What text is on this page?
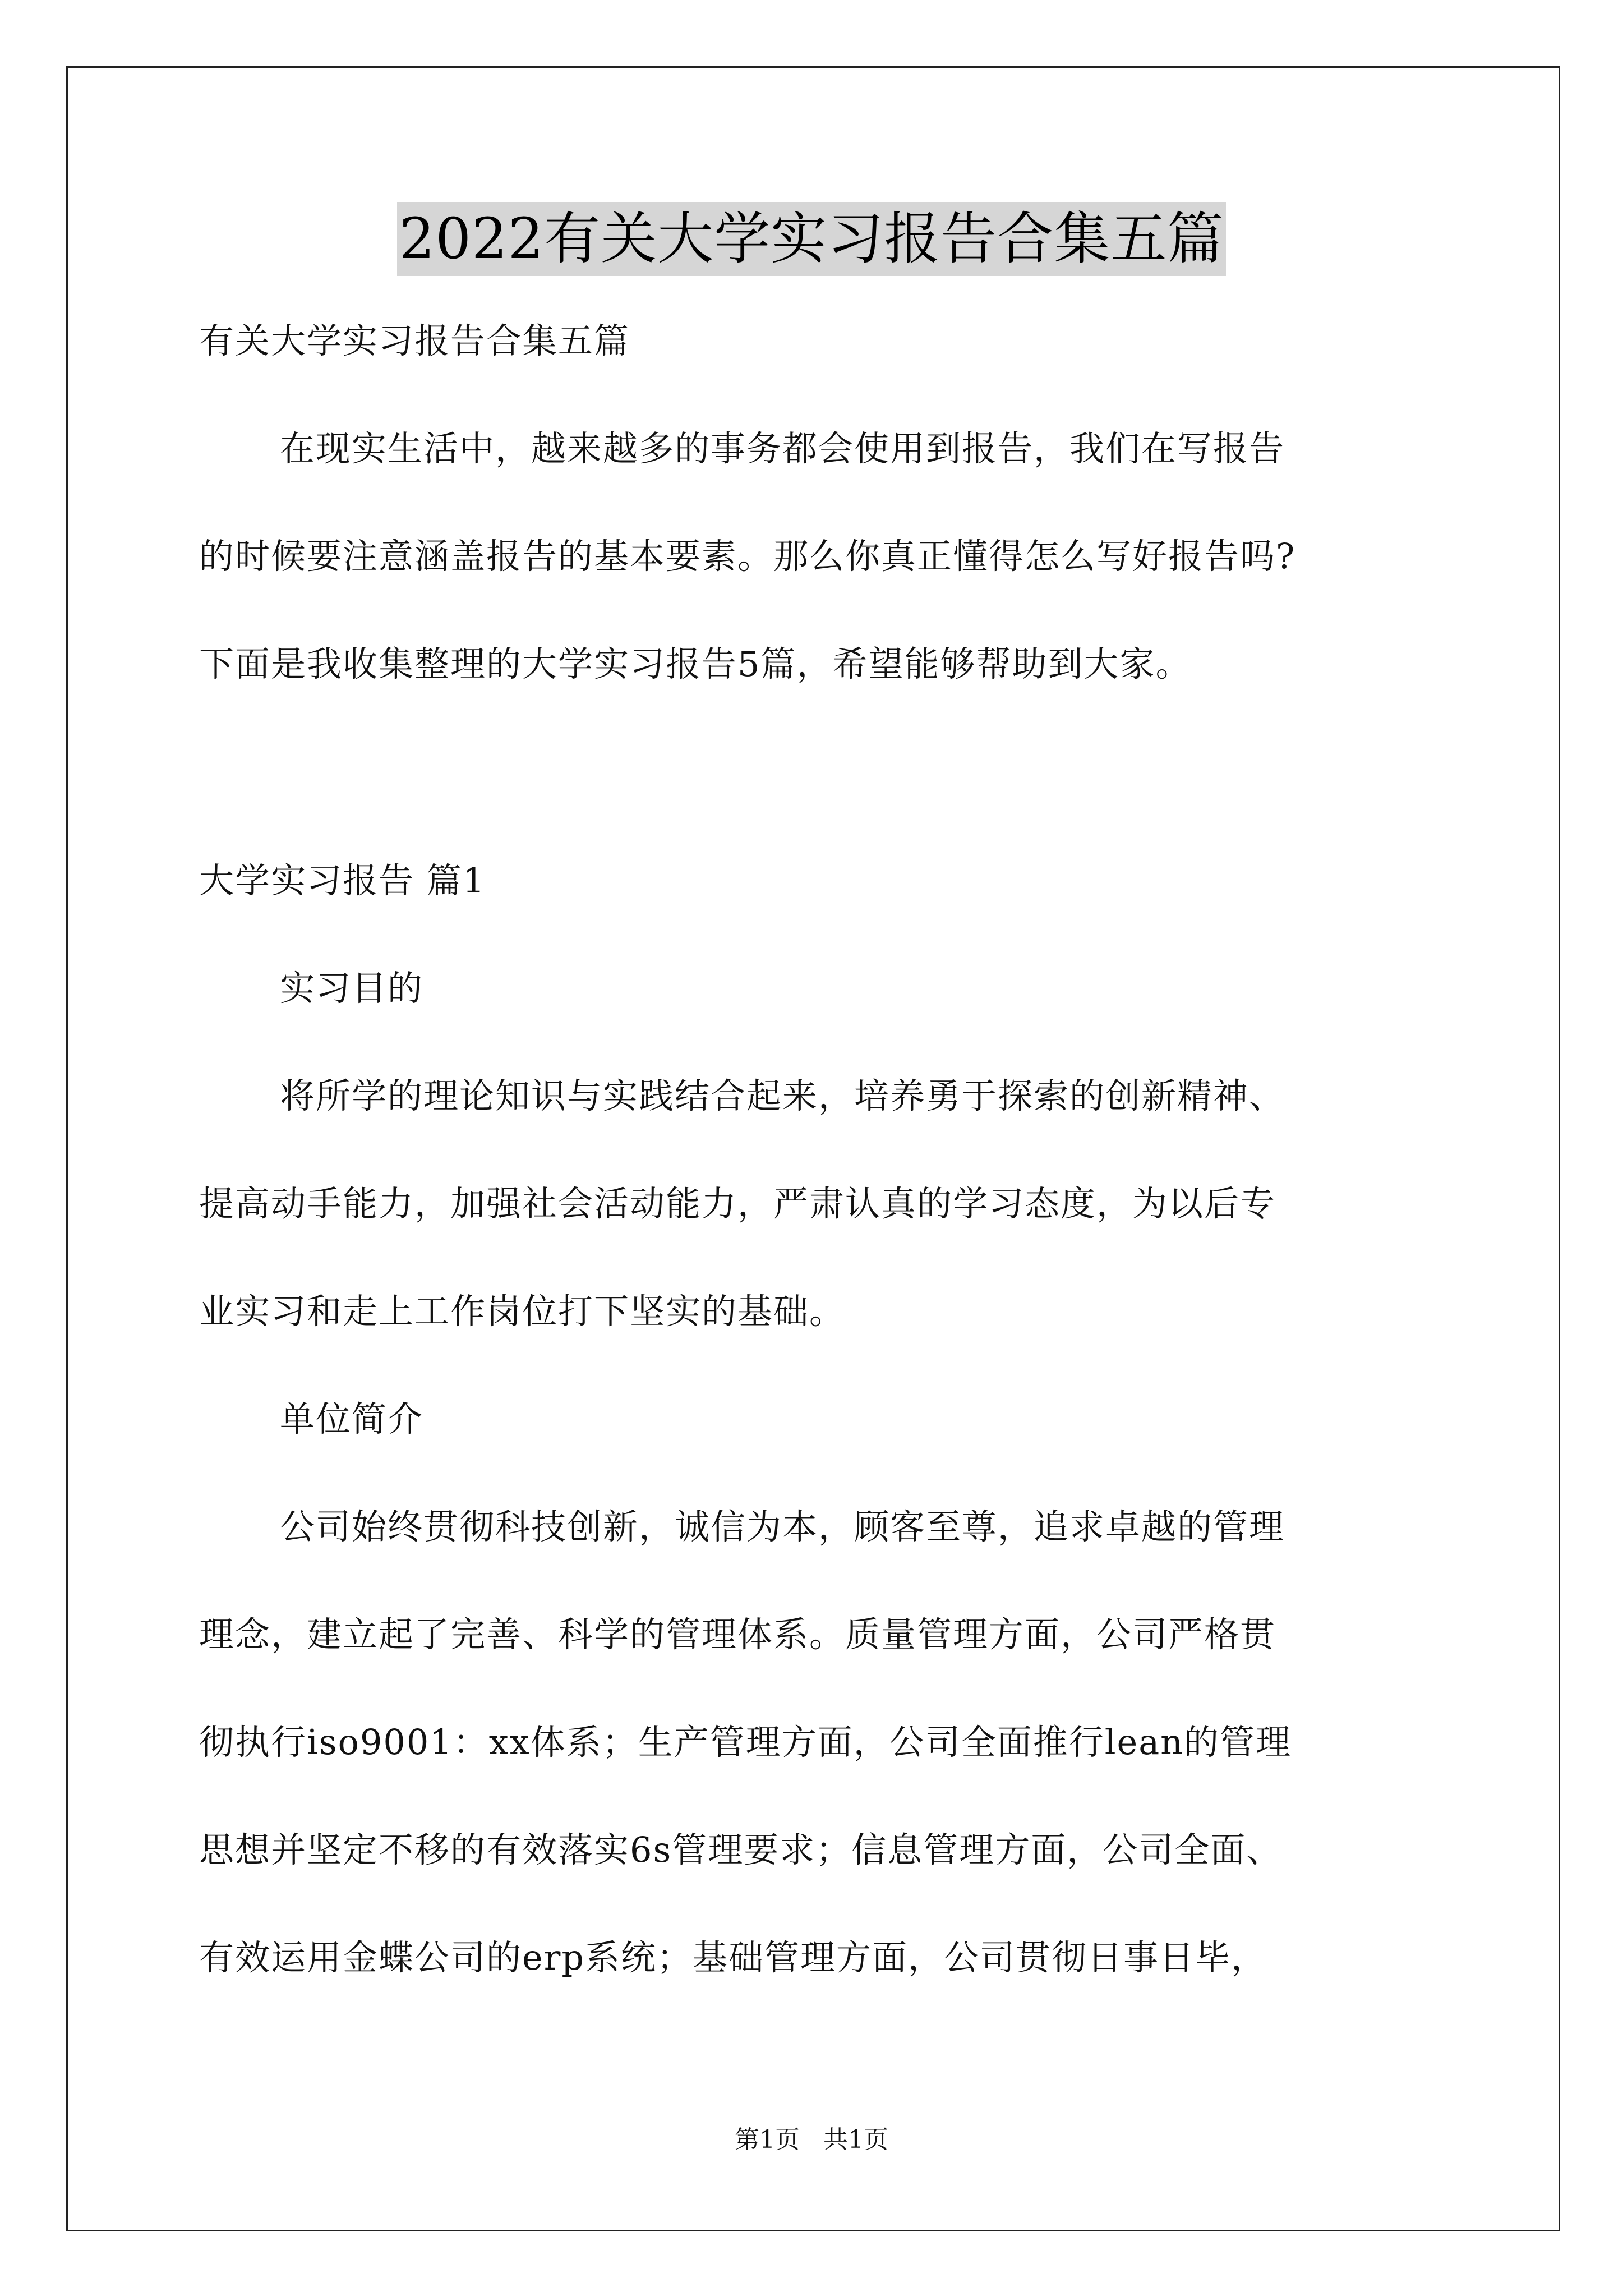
2022有关大学实习报告合集五篇

有关大学实习报告合集五篇

在现实生活中，越来越多的事务都会使用到报告，我们在写报告

的时候要注意涵盖报告的基本要素。那么你真正懂得怎么写好报告吗?

下面是我收集整理的大学实习报告5篇，希望能够帮助到大家。

大学实习报告 篇1

实习目的

将所学的理论知识与实践结合起来，培养勇于探索的创新精神、

提高动手能力，加强社会活动能力，严肃认真的学习态度，为以后专

业实习和走上工作岗位打下坚实的基础。

单位简介

公司始终贯彻科技创新，诚信为本，顾客至尊，追求卓越的管理

理念，建立起了完善、科学的管理体系。质量管理方面，公司严格贯

彻执行iso9001：xx体系；生产管理方面，公司全面推行lean的管理

思想并坚定不移的有效落实6s管理要求；信息管理方面，公司全面、

有效运用金蝶公司的erp系统；基础管理方面，公司贯彻日事日毕，

第1页 共1页
